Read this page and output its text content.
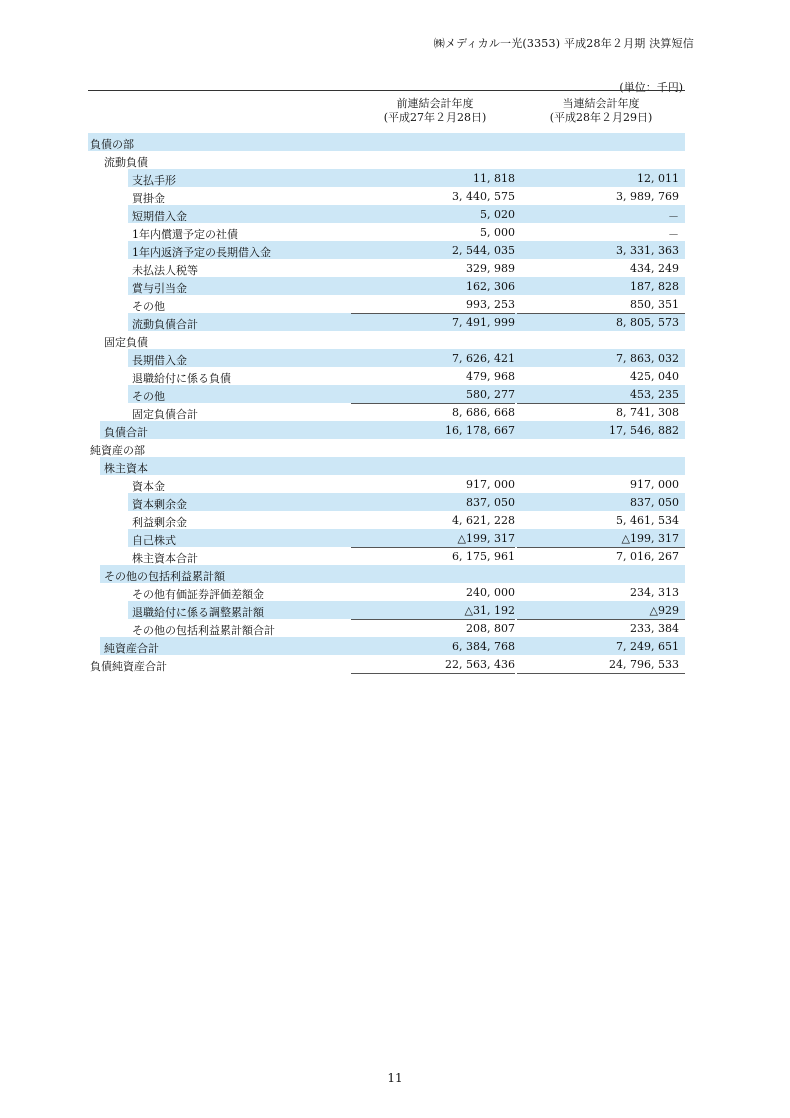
㈱メディカル一光(3353) 平成28年２月期 決算短信
(単位：千円)
前連結会計年度
(平成27年２月28日)
当連結会計年度
(平成28年２月29日)
負債の部
流動負債
支払手形	11, 818	12, 011
買掛金	3, 440, 575	3, 989, 769
短期借入金	5, 020	－
1年内償還予定の社債	5, 000	－
1年内返済予定の長期借入金	2, 544, 035	3, 331, 363
未払法人税等	329, 989	434, 249
賞与引当金	162, 306	187, 828
その他	993, 253	850, 351
流動負債合計	7, 491, 999	8, 805, 573
固定負債
長期借入金	7, 626, 421	7, 863, 032
退職給付に係る負債	479, 968	425, 040
その他	580, 277	453, 235
固定負債合計	8, 686, 668	8, 741, 308
負債合計	16, 178, 667	17, 546, 882
純資産の部
株主資本
資本金	917, 000	917, 000
資本剰余金	837, 050	837, 050
利益剰余金	4, 621, 228	5, 461, 534
自己株式	△199, 317	△199, 317
株主資本合計	6, 175, 961	7, 016, 267
その他の包括利益累計額
その他有価証券評価差額金	240, 000	234, 313
退職給付に係る調整累計額	△31, 192	△929
その他の包括利益累計額合計	208, 807	233, 384
純資産合計	6, 384, 768	7, 249, 651
負債純資産合計	22, 563, 436	24, 796, 533
11
